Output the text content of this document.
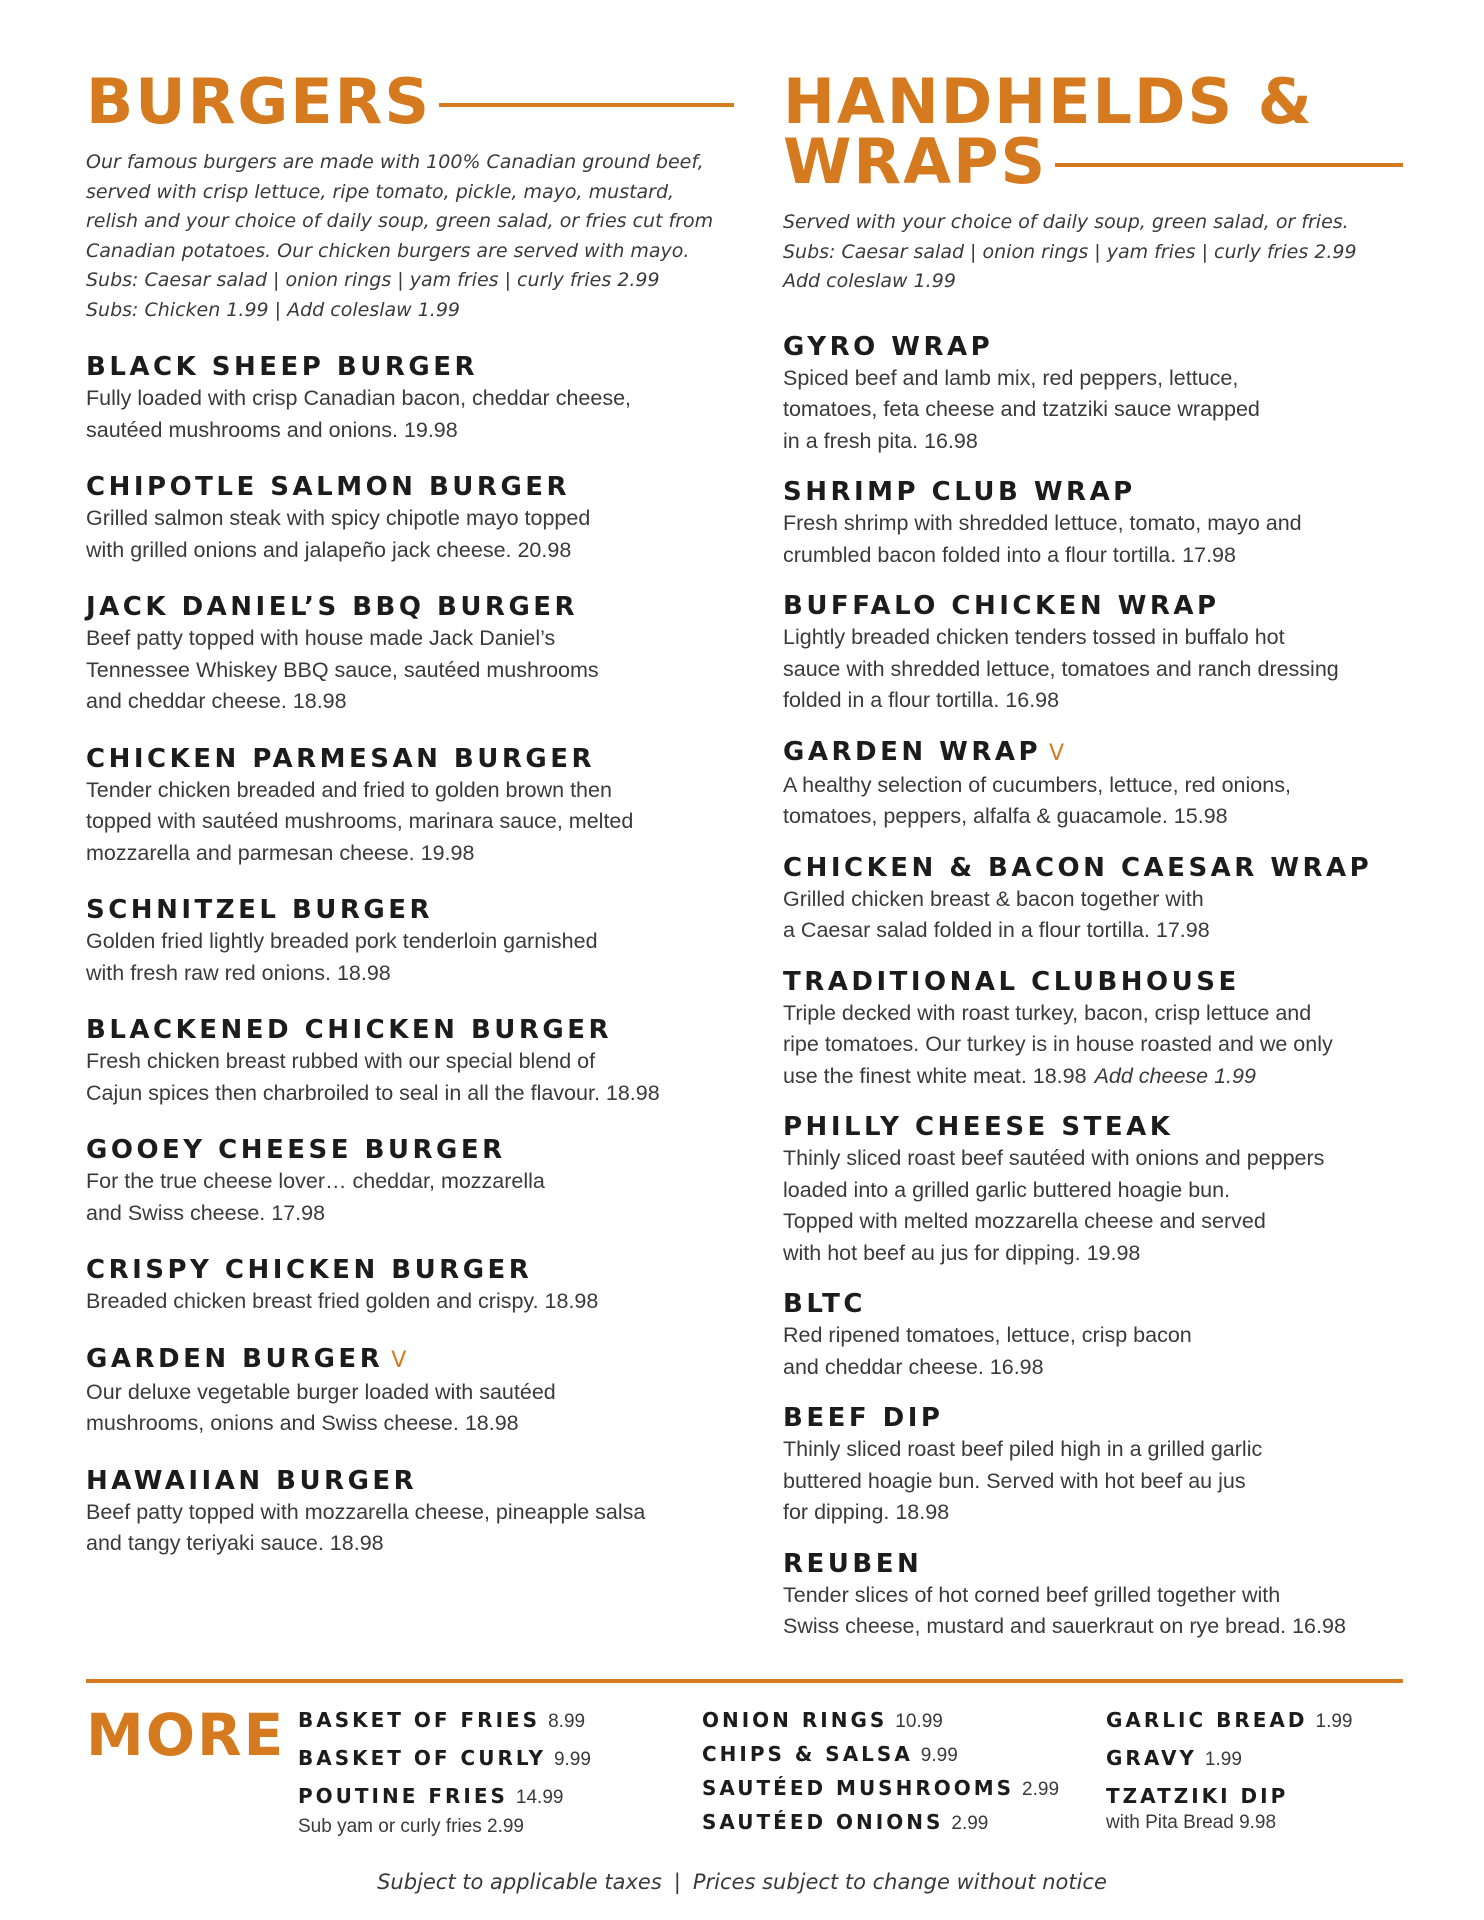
BURGERS
Our famous burgers are made with 100% Canadian ground beef,
served with crisp lettuce, ripe tomato, pickle, mayo, mustard,
relish and your choice of daily soup, green salad, or fries cut from
Canadian potatoes. Our chicken burgers are served with mayo.
Subs: Caesar salad | onion rings | yam fries | curly fries 2.99
Subs: Chicken 1.99 | Add coleslaw 1.99
BLACK SHEEP BURGER
Fully loaded with crisp Canadian bacon, cheddar cheese,
sautéed mushrooms and onions. 19.98
CHIPOTLE SALMON BURGER
Grilled salmon steak with spicy chipotle mayo topped
with grilled onions and jalapeño jack cheese. 20.98
JACK DANIEL’S BBQ BURGER
Beef patty topped with house made Jack Daniel’s
Tennessee Whiskey BBQ sauce, sautéed mushrooms
and cheddar cheese. 18.98
CHICKEN PARMESAN BURGER
Tender chicken breaded and fried to golden brown then
topped with sautéed mushrooms, marinara sauce, melted
mozzarella and parmesan cheese. 19.98
SCHNITZEL BURGER
Golden fried lightly breaded pork tenderloin garnished
with fresh raw red onions. 18.98
BLACKENED CHICKEN BURGER
Fresh chicken breast rubbed with our special blend of
Cajun spices then charbroiled to seal in all the flavour. 18.98
GOOEY CHEESE BURGER
For the true cheese lover… cheddar, mozzarella
and Swiss cheese. 17.98
CRISPY CHICKEN BURGER
Breaded chicken breast fried golden and crispy. 18.98
GARDEN BURGER V
Our deluxe vegetable burger loaded with sautéed
mushrooms, onions and Swiss cheese. 18.98
HAWAIIAN BURGER
Beef patty topped with mozzarella cheese, pineapple salsa
and tangy teriyaki sauce. 18.98
HANDHELDS &
WRAPS
Served with your choice of daily soup, green salad, or fries.
Subs: Caesar salad | onion rings | yam fries | curly fries 2.99
Add coleslaw 1.99
GYRO WRAP
Spiced beef and lamb mix, red peppers, lettuce,
tomatoes, feta cheese and tzatziki sauce wrapped
in a fresh pita. 16.98
SHRIMP CLUB WRAP
Fresh shrimp with shredded lettuce, tomato, mayo and
crumbled bacon folded into a flour tortilla. 17.98
BUFFALO CHICKEN WRAP
Lightly breaded chicken tenders tossed in buffalo hot
sauce with shredded lettuce, tomatoes and ranch dressing
folded in a flour tortilla. 16.98
GARDEN WRAP V
A healthy selection of cucumbers, lettuce, red onions,
tomatoes, peppers, alfalfa & guacamole. 15.98
CHICKEN & BACON CAESAR WRAP
Grilled chicken breast & bacon together with
a Caesar salad folded in a flour tortilla. 17.98
TRADITIONAL CLUBHOUSE
Triple decked with roast turkey, bacon, crisp lettuce and
ripe tomatoes. Our turkey is in house roasted and we only
use the finest white meat. 18.98 Add cheese 1.99
PHILLY CHEESE STEAK
Thinly sliced roast beef sautéed with onions and peppers
loaded into a grilled garlic buttered hoagie bun.
Topped with melted mozzarella cheese and served
with hot beef au jus for dipping. 19.98
BLTC
Red ripened tomatoes, lettuce, crisp bacon
and cheddar cheese. 16.98
BEEF DIP
Thinly sliced roast beef piled high in a grilled garlic
buttered hoagie bun. Served with hot beef au jus
for dipping. 18.98
REUBEN
Tender slices of hot corned beef grilled together with
Swiss cheese, mustard and sauerkraut on rye bread. 16.98
MORE BASKET OF FRIES 8.99
BASKET OF CURLY 9.99
POUTINE FRIES 14.99
Sub yam or curly fries 2.99
ONION RINGS 10.99
CHIPS & SALSA 9.99
SAUTÉED MUSHROOMS 2.99
SAUTÉED ONIONS 2.99
GARLIC BREAD 1.99
GRAVY 1.99
TZATZIKI DIP
with Pita Bread 9.98
Subject to applicable taxes | Prices subject to change without notice
